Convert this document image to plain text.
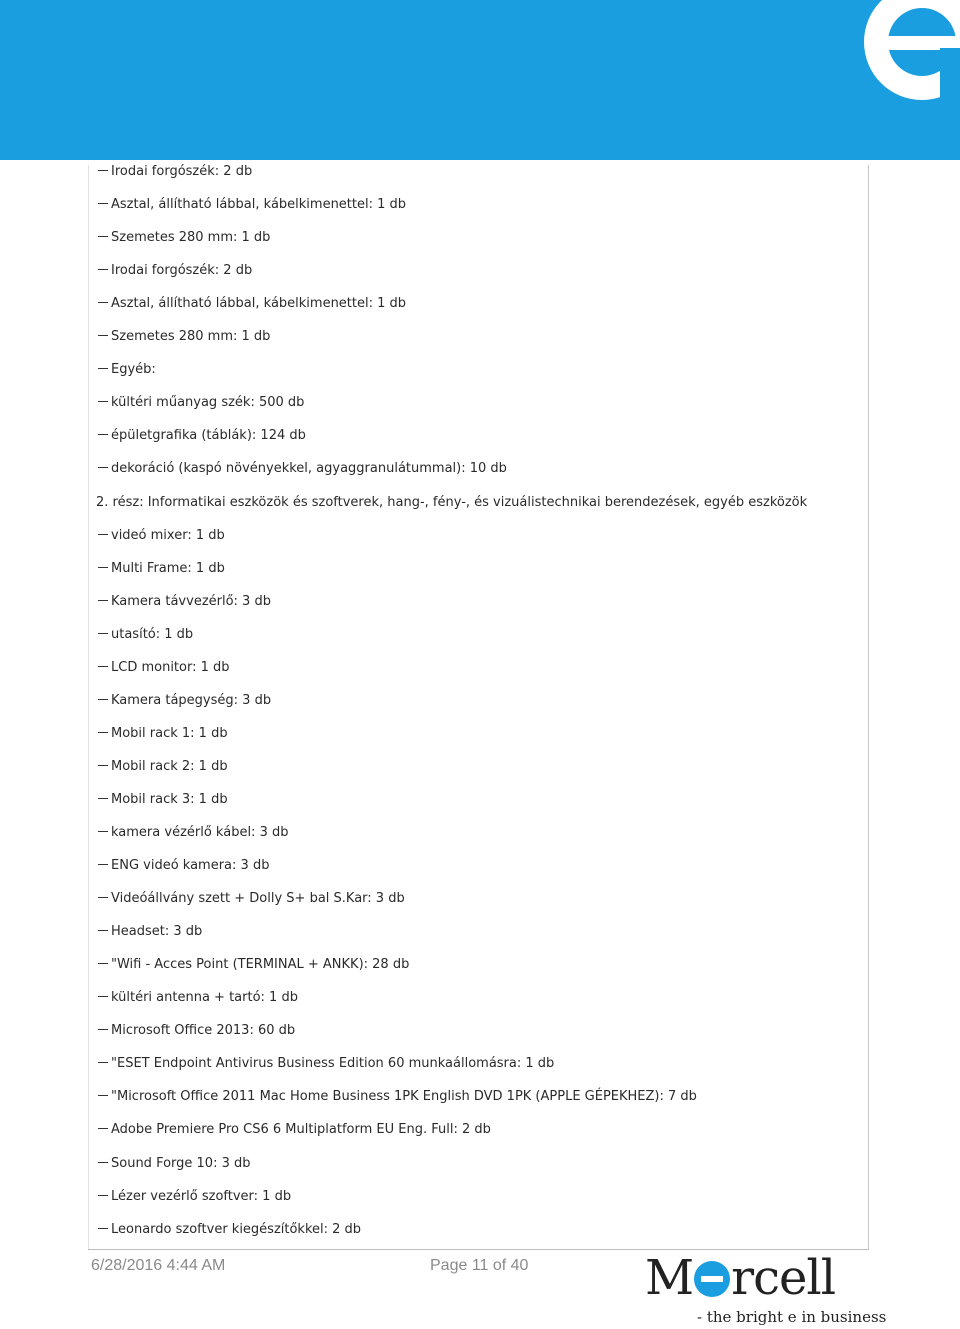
Irodai forgószék: 2 db
Asztal, állítható lábbal, kábelkimenettel: 1 db
Szemetes 280 mm: 1 db
Irodai forgószék: 2 db
Asztal, állítható lábbal, kábelkimenettel: 1 db
Szemetes 280 mm: 1 db
Egyéb:
kültéri műanyag szék: 500 db
épületgrafika (táblák): 124 db
dekoráció (kaspó növényekkel, agyaggranulátummal): 10 db
2. rész: Informatikai eszközök és szoftverek, hang-, fény-, és vizuálistechnikai berendezések, egyéb eszközök
videó mixer: 1 db
Multi Frame: 1 db
Kamera távvezérlő: 3 db
utasító: 1 db
LCD monitor: 1 db
Kamera tápegység: 3 db
Mobil rack 1: 1 db
Mobil rack 2: 1 db
Mobil rack 3: 1 db
kamera vézérlő kábel: 3 db
ENG videó kamera: 3 db
Videóállvány szett + Dolly S+ bal S.Kar: 3 db
Headset: 3 db
"Wifi - Acces Point (TERMINAL + ANKK): 28 db
kültéri antenna + tartó: 1 db
Microsoft Office 2013: 60 db
"ESET Endpoint Antivirus Business Edition 60 munkaállomásra: 1 db
"Microsoft Office 2011 Mac Home Business 1PK English DVD 1PK (APPLE GÉPEKHEZ): 7 db
Adobe Premiere Pro CS6 6 Multiplatform EU Eng. Full: 2 db
Sound Forge 10: 3 db
Lézer vezérlő szoftver: 1 db
Leonardo szoftver kiegészítőkkel: 2 db
6/28/2016 4:44 AM	Page 11 of 40 M rcell
- the bright e in business
